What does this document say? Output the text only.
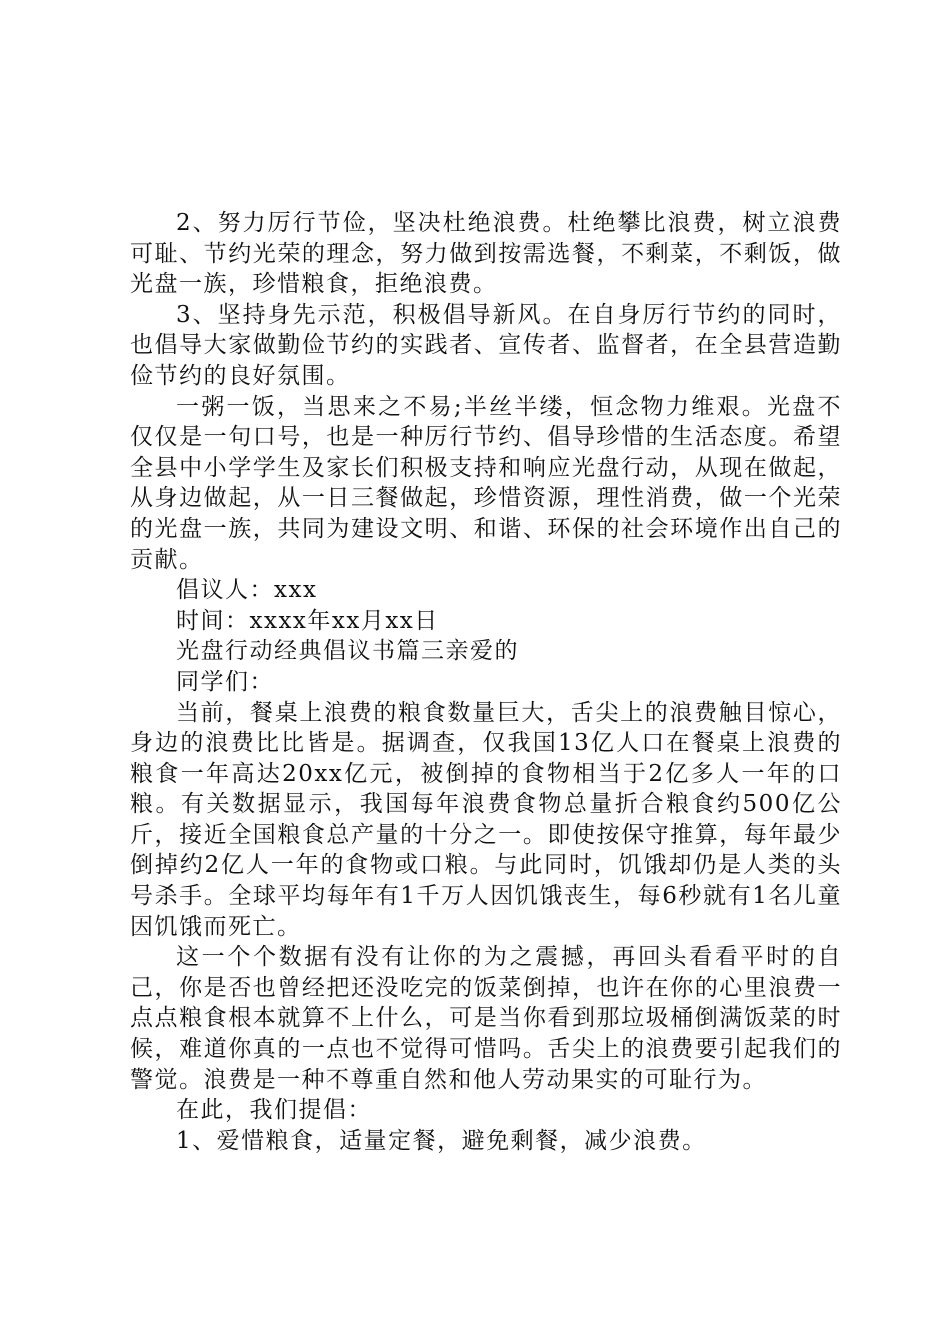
2、努力厉行节俭，坚决杜绝浪费。杜绝攀比浪费，树立浪费可耻、节约光荣的理念，努力做到按需选餐，不剩菜，不剩饭，做光盘一族，珍惜粮食，拒绝浪费。

3、坚持身先示范，积极倡导新风。在自身厉行节约的同时，也倡导大家做勤俭节约的实践者、宣传者、监督者，在全县营造勤俭节约的良好氛围。

一粥一饭，当思来之不易;半丝半缕，恒念物力维艰。光盘不仅仅是一句口号，也是一种厉行节约、倡导珍惜的生活态度。希望全县中小学学生及家长们积极支持和响应光盘行动，从现在做起，从身边做起，从一日三餐做起，珍惜资源，理性消费，做一个光荣的光盘一族，共同为建设文明、和谐、环保的社会环境作出自己的贡献。

倡议人：xxx

时间：xxxx年xx月xx日

光盘行动经典倡议书篇三亲爱的

同学们：

当前，餐桌上浪费的粮食数量巨大，舌尖上的浪费触目惊心，身边的浪费比比皆是。据调查，仅我国13亿人口在餐桌上浪费的粮食一年高达20xx亿元，被倒掉的食物相当于2亿多人一年的口粮。有关数据显示，我国每年浪费食物总量折合粮食约500亿公斤，接近全国粮食总产量的十分之一。即使按保守推算，每年最少倒掉约2亿人一年的食物或口粮。与此同时，饥饿却仍是人类的头号杀手。全球平均每年有1千万人因饥饿丧生，每6秒就有1名儿童因饥饿而死亡。

这一个个数据有没有让你的为之震撼，再回头看看平时的自己，你是否也曾经把还没吃完的饭菜倒掉，也许在你的心里浪费一点点粮食根本就算不上什么，可是当你看到那垃圾桶倒满饭菜的时候，难道你真的一点也不觉得可惜吗。舌尖上的浪费要引起我们的警觉。浪费是一种不尊重自然和他人劳动果实的可耻行为。

在此，我们提倡：

1、爱惜粮食，适量定餐，避免剩餐，减少浪费。
